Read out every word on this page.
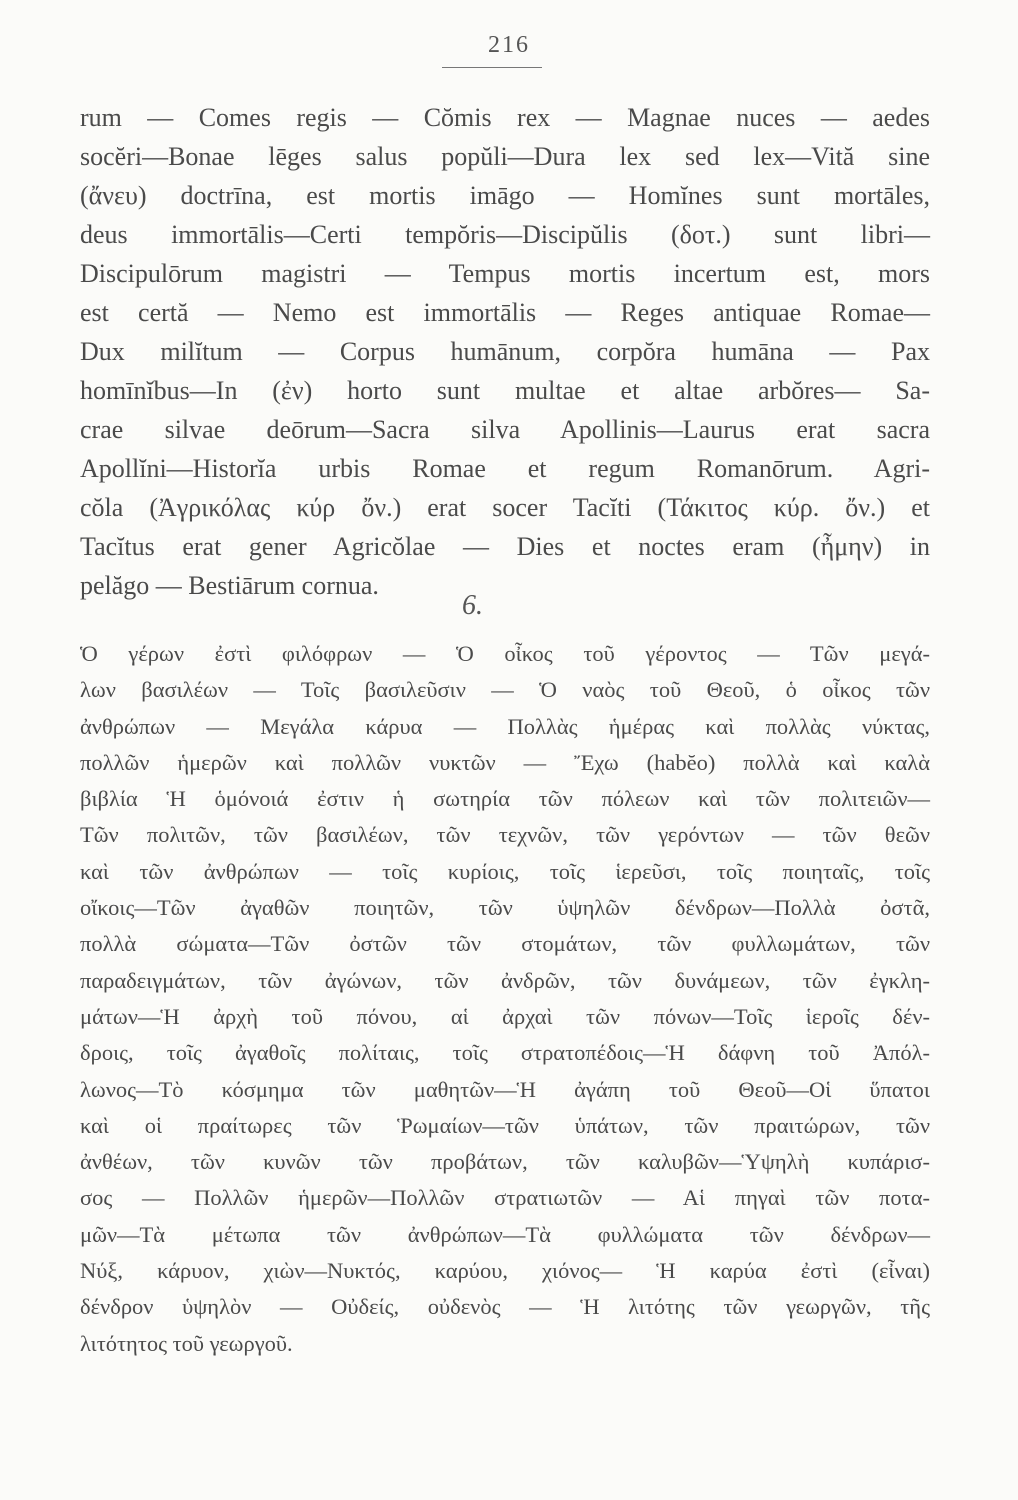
216
rum — Comes regis — Cŏmis rex — Magnae nuces — aedes
socĕri—Bonae lēges salus popŭli—Dura lex sed lex—Vită sine
(ἄνευ) doctrīna, est mortis imāgo — Homĭnes sunt mortāles,
deus immortālis—Certi tempŏris—Discipŭlis (δοτ.) sunt libri—
Discipulōrum magistri — Tempus mortis incertum est, mors
est certă — Nemo est immortālis — Reges antiquae Romae—
Dux milĭtum — Corpus humānum, corpŏra humāna — Pax
homīnĭbus—In (ἐν) horto sunt multae et altae arbŏres— Sa-
crae silvae deōrum—Sacra silva Apollinis—Laurus erat sacra
Apollĭni—Historĭa urbis Romae et regum Romanōrum. Agri-
cŏla (Ἀγρικόλας κύρ ὄν.) erat socer Tacĭti (Τάκιτος κύρ. ὄν.) et
Tacĭtus erat gener Agricŏlae — Dies et noctes eram (ἦμην) in
pelăgo — Bestiārum cornua.
6.
Ὁ γέρων ἐστὶ φιλόφρων — Ὁ οἶκος τοῦ γέροντος — Τῶν μεγά-
λων βασιλέων — Τοῖς βασιλεῦσιν — Ὁ ναὸς τοῦ Θεοῦ, ὁ οἶκος τῶν
ἀνθρώπων — Μεγάλα κάρυα — Πολλὰς ἡμέρας καὶ πολλὰς νύκτας,
πολλῶν ἡμερῶν καὶ πολλῶν νυκτῶν — Ἔχω (habĕo) πολλὰ καὶ καλὰ
βιβλία Ἡ ὁμόνοιά ἐστιν ἡ σωτηρία τῶν πόλεων καὶ τῶν πολιτειῶν—
Τῶν πολιτῶν, τῶν βασιλέων, τῶν τεχνῶν, τῶν γερόντων — τῶν θεῶν
καὶ τῶν ἀνθρώπων — τοῖς κυρίοις, τοῖς ἱερεῦσι, τοῖς ποιηταῖς, τοῖς
οἴκοις—Τῶν ἀγαθῶν ποιητῶν, τῶν ὑψηλῶν δένδρων—Πολλὰ ὀστᾶ,
πολλὰ σώματα—Τῶν ὀστῶν τῶν στομάτων, τῶν φυλλωμάτων, τῶν
παραδειγμάτων, τῶν ἀγώνων, τῶν ἀνδρῶν, τῶν δυνάμεων, τῶν ἐγκλη-
μάτων—Ἡ ἀρχὴ τοῦ πόνου, αἱ ἀρχαὶ τῶν πόνων—Τοῖς ἱεροῖς δέν-
δροις, τοῖς ἀγαθοῖς πολίταις, τοῖς στρατοπέδοις—Ἡ δάφνη τοῦ Ἀπόλ-
λωνος—Τὸ κόσμημα τῶν μαθητῶν—Ἡ ἀγάπη τοῦ Θεοῦ—Οἱ ὕπατοι
καὶ οἱ πραίτωρες τῶν Ῥωμαίων—τῶν ὑπάτων, τῶν πραιτώρων, τῶν
ἀνθέων, τῶν κυνῶν τῶν προβάτων, τῶν καλυβῶν—Ὑψηλὴ κυπάρισ-
σος — Πολλῶν ἡμερῶν—Πολλῶν στρατιωτῶν — Αἱ πηγαὶ τῶν ποτα-
μῶν—Τὰ μέτωπα τῶν ἀνθρώπων—Τὰ φυλλώματα τῶν δένδρων—
Νύξ, κάρυον, χιὼν—Νυκτός, καρύου, χιόνος— Ἡ καρύα ἐστὶ (εἶναι)
δένδρον ὑψηλὸν — Οὐδείς, οὐδενὸς — Ἡ λιτότης τῶν γεωργῶν, τῆς
λιτότητος τοῦ γεωργοῦ.
